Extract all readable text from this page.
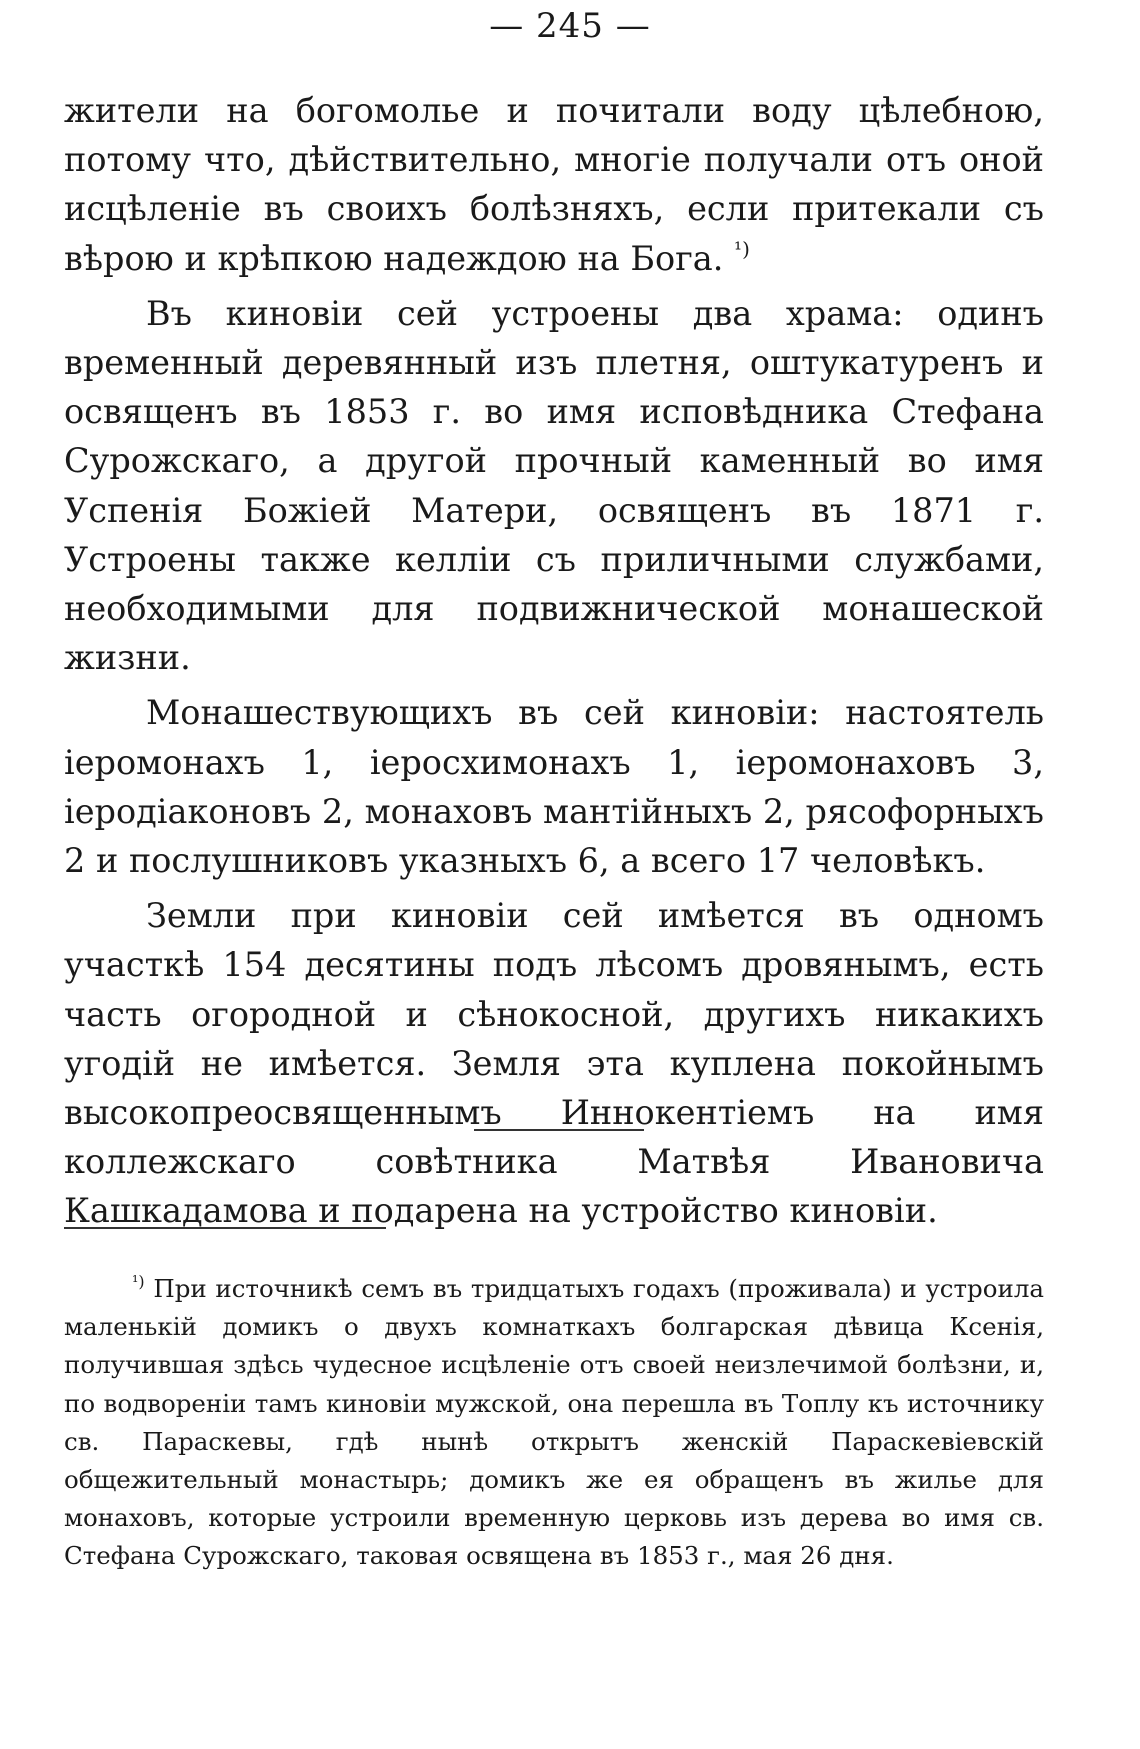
— 245 —

жители на богомолье и почитали воду цѣлебною, потому что, дѣйствительно, многіе получали отъ оной исцѣленіе въ своихъ болѣзняхъ, если притекали съ вѣрою и крѣпкою надеждою на Бога. $^{^1)}$

Въ киновіи сей устроены два храма: одинъ временный деревянный изъ плетня, оштукатуренъ и освященъ въ 1853 г. во имя исповѣдника Стефана Сурожскаго, а другой прочный каменный во имя Успенія Божіей Матери, освященъ въ 1871 г. Устроены также келліи съ приличными службами, необходимыми для подвижнической монашеской жизни.

Монашествующихъ въ сей киновіи: настоятель іеромонахъ 1, іеросхимонахъ 1, іеромонаховъ 3, іеродіаконовъ 2, монаховъ мантійныхъ 2, рясофорныхъ 2 и послушниковъ указныхъ 6, а всего 17 человѣкъ.

Земли при киновіи сей имѣется въ одномъ участкѣ 154 десятины подъ лѣсомъ дровянымъ, есть часть огородной и сѣнокосной, другихъ никакихъ угодій не имѣется. Земля эта куплена покойнымъ высокопреосвященнымъ Иннокентіемъ на имя коллежскаго совѣтника Матвѣя Ивановича Кашкадамова и подарена на устройство киновіи.

$^{^1)}$ При источникѣ семъ въ тридцатыхъ годахъ (проживала) и устроила маленькій домикъ о двухъ комнаткахъ болгарская дѣвица Ксенія, получившая здѣсь чудесное исцѣленіе отъ своей неизлечимой болѣзни, и, по водвореніи тамъ киновіи мужской, она перешла въ Топлу къ источнику св. Параскевы, гдѣ нынѣ открытъ женскій Параскевіевскій общежительный монастырь; домикъ же ея обращенъ въ жилье для монаховъ, которые устроили временную церковь изъ дерева во имя св. Стефана Сурожскаго, таковая освящена въ 1853 г., мая 26 дня.
